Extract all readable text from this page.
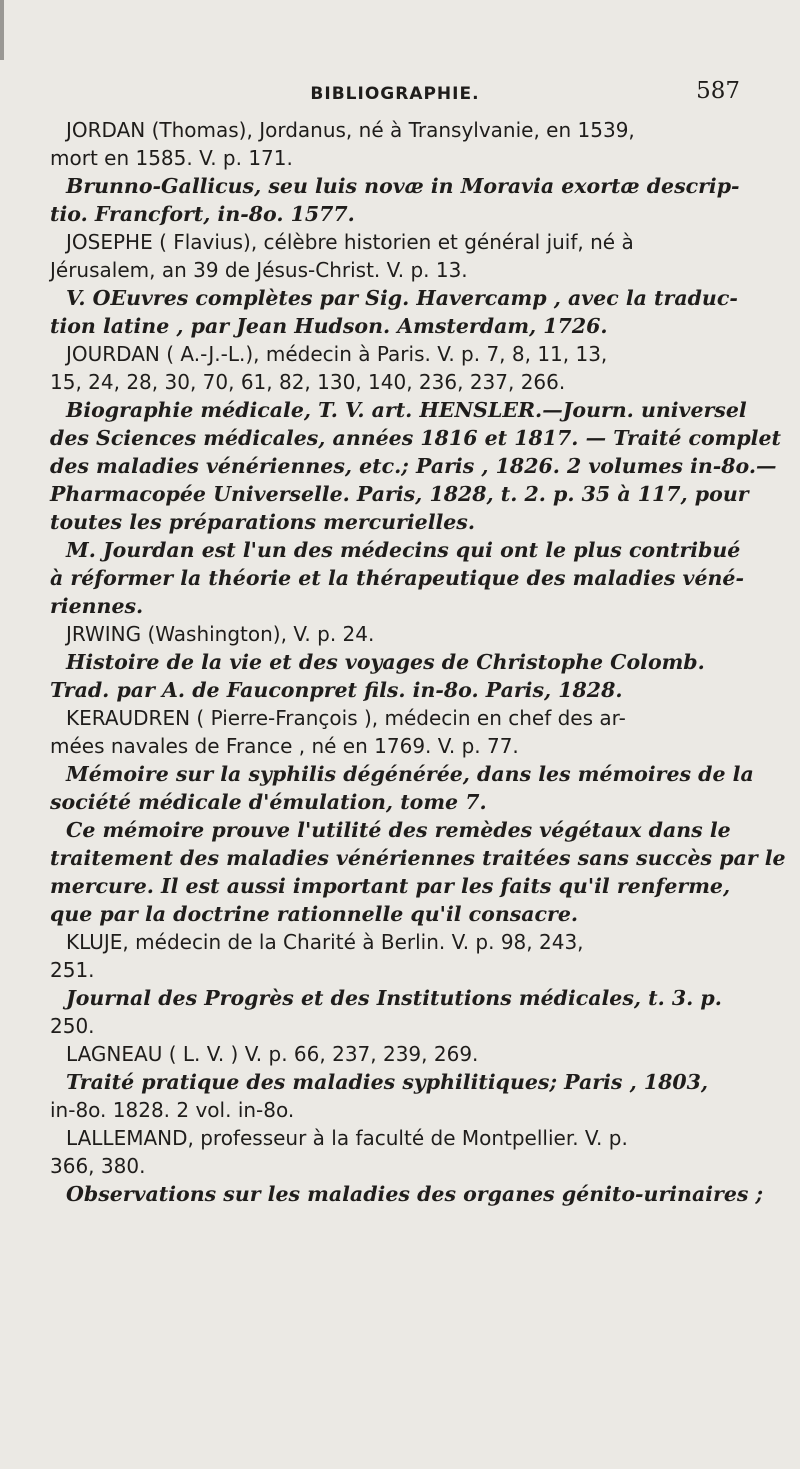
BIBLIOGRAPHIE.	587
JORDAN (Thomas), Jordanus, né à Transylvanie, en 1539,
mort en 1585. V. p. 171.
Brunno-Gallicus, seu luis novæ in Moravia exortæ descrip-
tio. Francfort, in-8o. 1577.
JOSEPHE ( Flavius), célèbre historien et général juif, né à
Jérusalem, an 39 de Jésus-Christ. V. p. 13.
V. OEuvres complètes par Sig. Havercamp , avec la traduc-
tion latine , par Jean Hudson. Amsterdam, 1726.
JOURDAN ( A.-J.-L.), médecin à Paris. V. p. 7, 8, 11, 13,
15, 24, 28, 30, 70, 61, 82, 130, 140, 236, 237, 266.
Biographie médicale, T. V. art. HENSLER.—Journ. universel
des Sciences médicales, années 1816 et 1817. — Traité complet
des maladies vénériennes, etc.; Paris , 1826. 2 volumes in-8o.—
Pharmacopée Universelle. Paris, 1828, t. 2. p. 35 à 117, pour
toutes les préparations mercurielles.
M. Jourdan est l'un des médecins qui ont le plus contribué
à réformer la théorie et la thérapeutique des maladies véné-
riennes.
JRWING (Washington), V. p. 24.
Histoire de la vie et des voyages de Christophe Colomb.
Trad. par A. de Fauconpret fils. in-8o. Paris, 1828.
KERAUDREN ( Pierre-François ), médecin en chef des ar-
mées navales de France , né en 1769. V. p. 77.
Mémoire sur la syphilis dégénérée, dans les mémoires de la
société médicale d'émulation, tome 7.
Ce mémoire prouve l'utilité des remèdes végétaux dans le
traitement des maladies vénériennes traitées sans succès par le
mercure. Il est aussi important par les faits qu'il renferme,
que par la doctrine rationnelle qu'il consacre.
KLUJE, médecin de la Charité à Berlin. V. p. 98, 243,
251.
Journal des Progrès et des Institutions médicales, t. 3. p.
250.
LAGNEAU ( L. V. ) V. p. 66, 237, 239, 269.
Traité pratique des maladies syphilitiques; Paris , 1803,
in-8o. 1828. 2 vol. in-8o.
LALLEMAND, professeur à la faculté de Montpellier. V. p.
366, 380.
Observations sur les maladies des organes génito-urinaires ;
